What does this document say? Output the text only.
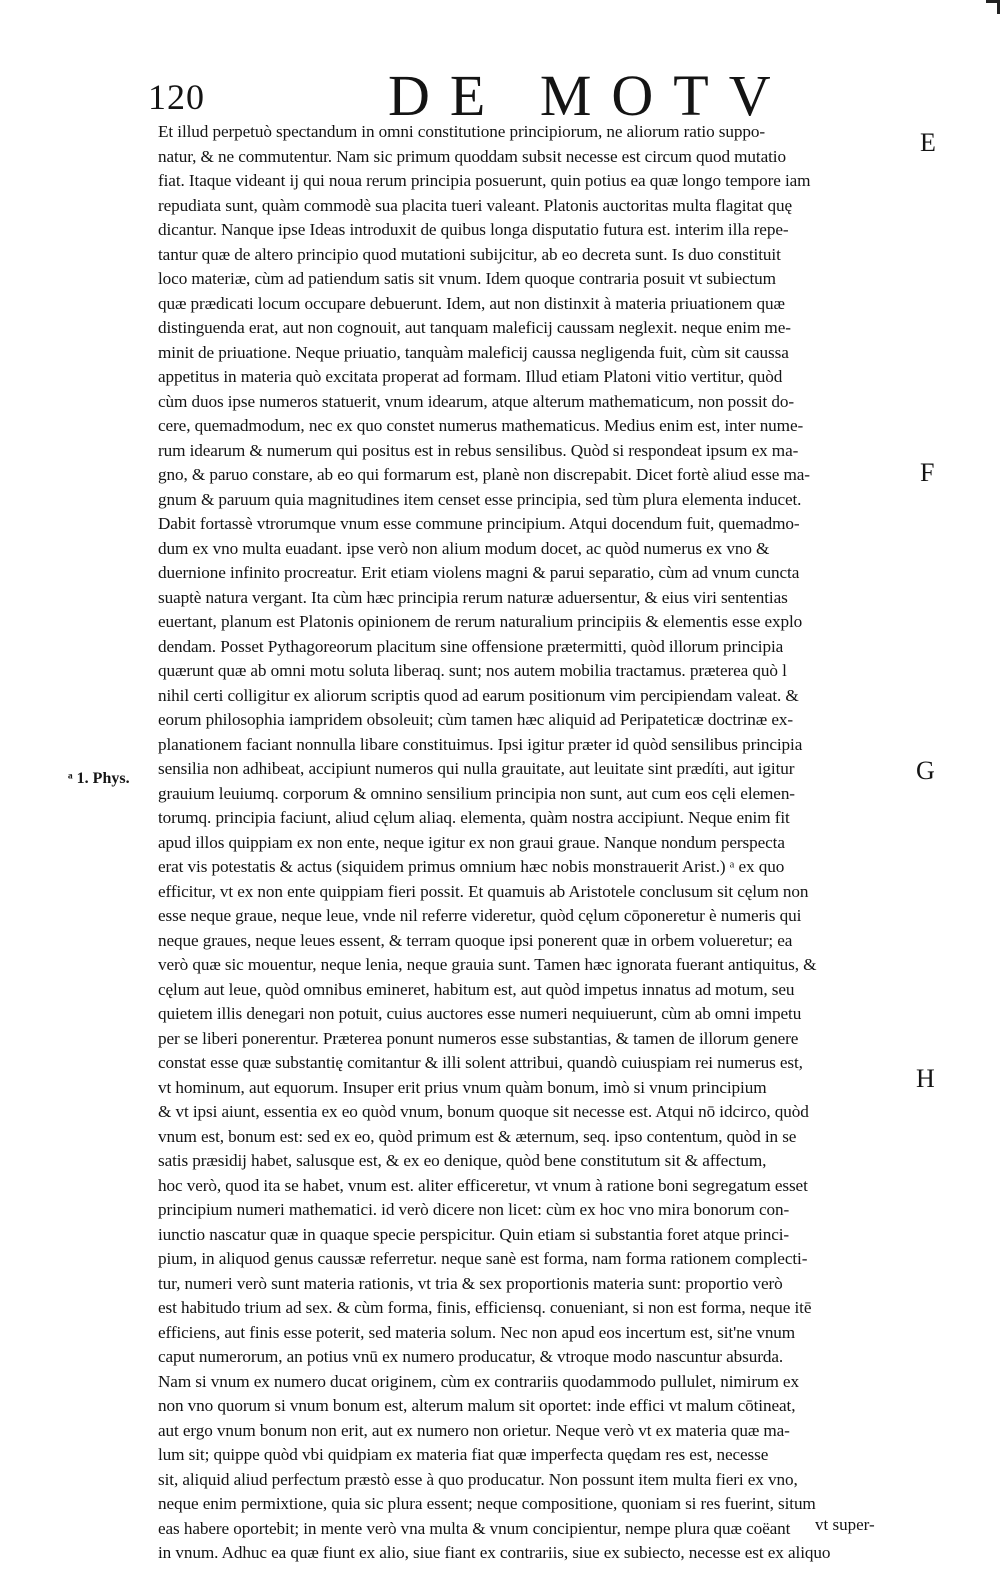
120	DE MOTV
E
F
G
H
ᵃ 1. Phys.
Et illud perpetuò spectandum in omni constitutione principiorum, ne aliorum ratio suppo-
natur, & ne commutentur. Nam sic primum quoddam subsit necesse est circum quod mutatio
fiat. Itaque videant ij qui noua rerum principia posuerunt, quin potius ea quæ longo tempore iam
repudiata sunt, quàm commodè sua placita tueri valeant. Platonis auctoritas multa flagitat quę
dicantur. Nanque ipse Ideas introduxit de quibus longa disputatio futura est. interim illa repe-
tantur quæ de altero principio quod mutationi subijcitur, ab eo decreta sunt. Is duo constituit
loco materiæ, cùm ad patiendum satis sit vnum. Idem quoque contraria posuit vt subiectum
quæ prædicati locum occupare debuerunt. Idem, aut non distinxit à materia priuationem quæ
distinguenda erat, aut non cognouit, aut tanquam maleficij caussam neglexit. neque enim me-
minit de priuatione. Neque priuatio, tanquàm maleficij caussa negligenda fuit, cùm sit caussa
appetitus in materia quò excitata properat ad formam. Illud etiam Platoni vitio vertitur, quòd
cùm duos ipse numeros statuerit, vnum idearum, atque alterum mathematicum, non possit do-
cere, quemadmodum, nec ex quo constet numerus mathematicus. Medius enim est, inter nume-
rum idearum & numerum qui positus est in rebus sensilibus. Quòd si respondeat ipsum ex ma-
gno, & paruo constare, ab eo qui formarum est, planè non discrepabit. Dicet fortè aliud esse ma-
gnum & paruum quia magnitudines item censet esse principia, sed tùm plura elementa inducet.
Dabit fortassè vtrorumque vnum esse commune principium. Atqui docendum fuit, quemadmo-
dum ex vno multa euadant. ipse verò non alium modum docet, ac quòd numerus ex vno &
duernione infinito procreatur. Erit etiam violens magni & parui separatio, cùm ad vnum cuncta
suaptè natura vergant. Ita cùm hæc principia rerum naturæ aduersentur, & eius viri sententias
euertant, planum est Platonis opinionem de rerum naturalium principiis & elementis esse explo
dendam. Posset Pythagoreorum placitum sine offensione prætermitti, quòd illorum principia
quærunt quæ ab omni motu soluta liberaq. sunt; nos autem mobilia tractamus. præterea quò l
nihil certi colligitur ex aliorum scriptis quod ad earum positionum vim percipiendam valeat. &
eorum philosophia iampridem obsoleuit; cùm tamen hæc aliquid ad Peripateticæ doctrinæ ex-
planationem faciant nonnulla libare constituimus. Ipsi igitur præter id quòd sensilibus principia
sensilia non adhibeat, accipiunt numeros qui nulla grauitate, aut leuitate sint prædíti, aut igitur
grauium leuiumq. corporum & omnino sensilium principia non sunt, aut cum eos cęli elemen-
torumq. principia faciunt, aliud cęlum aliaq. elementa, quàm nostra accipiunt. Neque enim fit
apud illos quippiam ex non ente, neque igitur ex non graui graue. Nanque nondum perspecta
erat vis potestatis & actus (siquidem primus omnium hæc nobis monstrauerit Arist.) ᵃ ex quo
efficitur, vt ex non ente quippiam fieri possit. Et quamuis ab Aristotele conclusum sit cęlum non
esse neque graue, neque leue, vnde nil referre videretur, quòd cęlum cōponeretur è numeris qui
neque graues, neque leues essent, & terram quoque ipsi ponerent quæ in orbem volueretur; ea
verò quæ sic mouentur, neque lenia, neque grauia sunt. Tamen hæc ignorata fuerant antiquitus, &
cęlum aut leue, quòd omnibus emineret, habitum est, aut quòd impetus innatus ad motum, seu
quietem illis denegari non potuit, cuius auctores esse numeri nequiuerunt, cùm ab omni impetu
per se liberi ponerentur. Præterea ponunt numeros esse substantias, & tamen de illorum genere
constat esse quæ substantię comitantur & illi solent attribui, quandò cuiuspiam rei numerus est,
vt hominum, aut equorum. Insuper erit prius vnum quàm bonum, imò si vnum principium
& vt ipsi aiunt, essentia ex eo quòd vnum, bonum quoque sit necesse est. Atqui nō idcirco, quòd
vnum est, bonum est: sed ex eo, quòd primum est & æternum, seq. ipso contentum, quòd in se
satis præsidij habet, salusque est, & ex eo denique, quòd bene constitutum sit & affectum,
hoc verò, quod ita se habet, vnum est. aliter efficeretur, vt vnum à ratione boni segregatum esset
principium numeri mathematici. id verò dicere non licet: cùm ex hoc vno mira bonorum con-
iunctio nascatur quæ in quaque specie perspicitur. Quin etiam si substantia foret atque princi-
pium, in aliquod genus caussæ referretur. neque sanè est forma, nam forma rationem complecti-
tur, numeri verò sunt materia rationis, vt tria & sex proportionis materia sunt: proportio verò
est habitudo trium ad sex. & cùm forma, finis, efficiensq. conueniant, si non est forma, neque itē
efficiens, aut finis esse poterit, sed materia solum. Nec non apud eos incertum est, sit'ne vnum
caput numerorum, an potius vnū ex numero producatur, & vtroque modo nascuntur absurda.
Nam si vnum ex numero ducat originem, cùm ex contrariis quodammodo pullulet, nimirum ex
non vno quorum si vnum bonum est, alterum malum sit oportet: inde effici vt malum cōtineat,
aut ergo vnum bonum non erit, aut ex numero non orietur. Neque verò vt ex materia quæ ma-
lum sit; quippe quòd vbi quidpiam ex materia fiat quæ imperfecta quędam res est, necesse
sit, aliquid aliud perfectum præstò esse à quo producatur. Non possunt item multa fieri ex vno,
neque enim permixtione, quia sic plura essent; neque compositione, quoniam si res fuerint, situm
eas habere oportebit; in mente verò vna multa & vnum concipientur, nempe plura quæ coëant
in vnum. Adhuc ea quæ fiunt ex alio, siue fiant ex contrariis, siue ex subiecto, necesse est ex aliquo
vt super-
